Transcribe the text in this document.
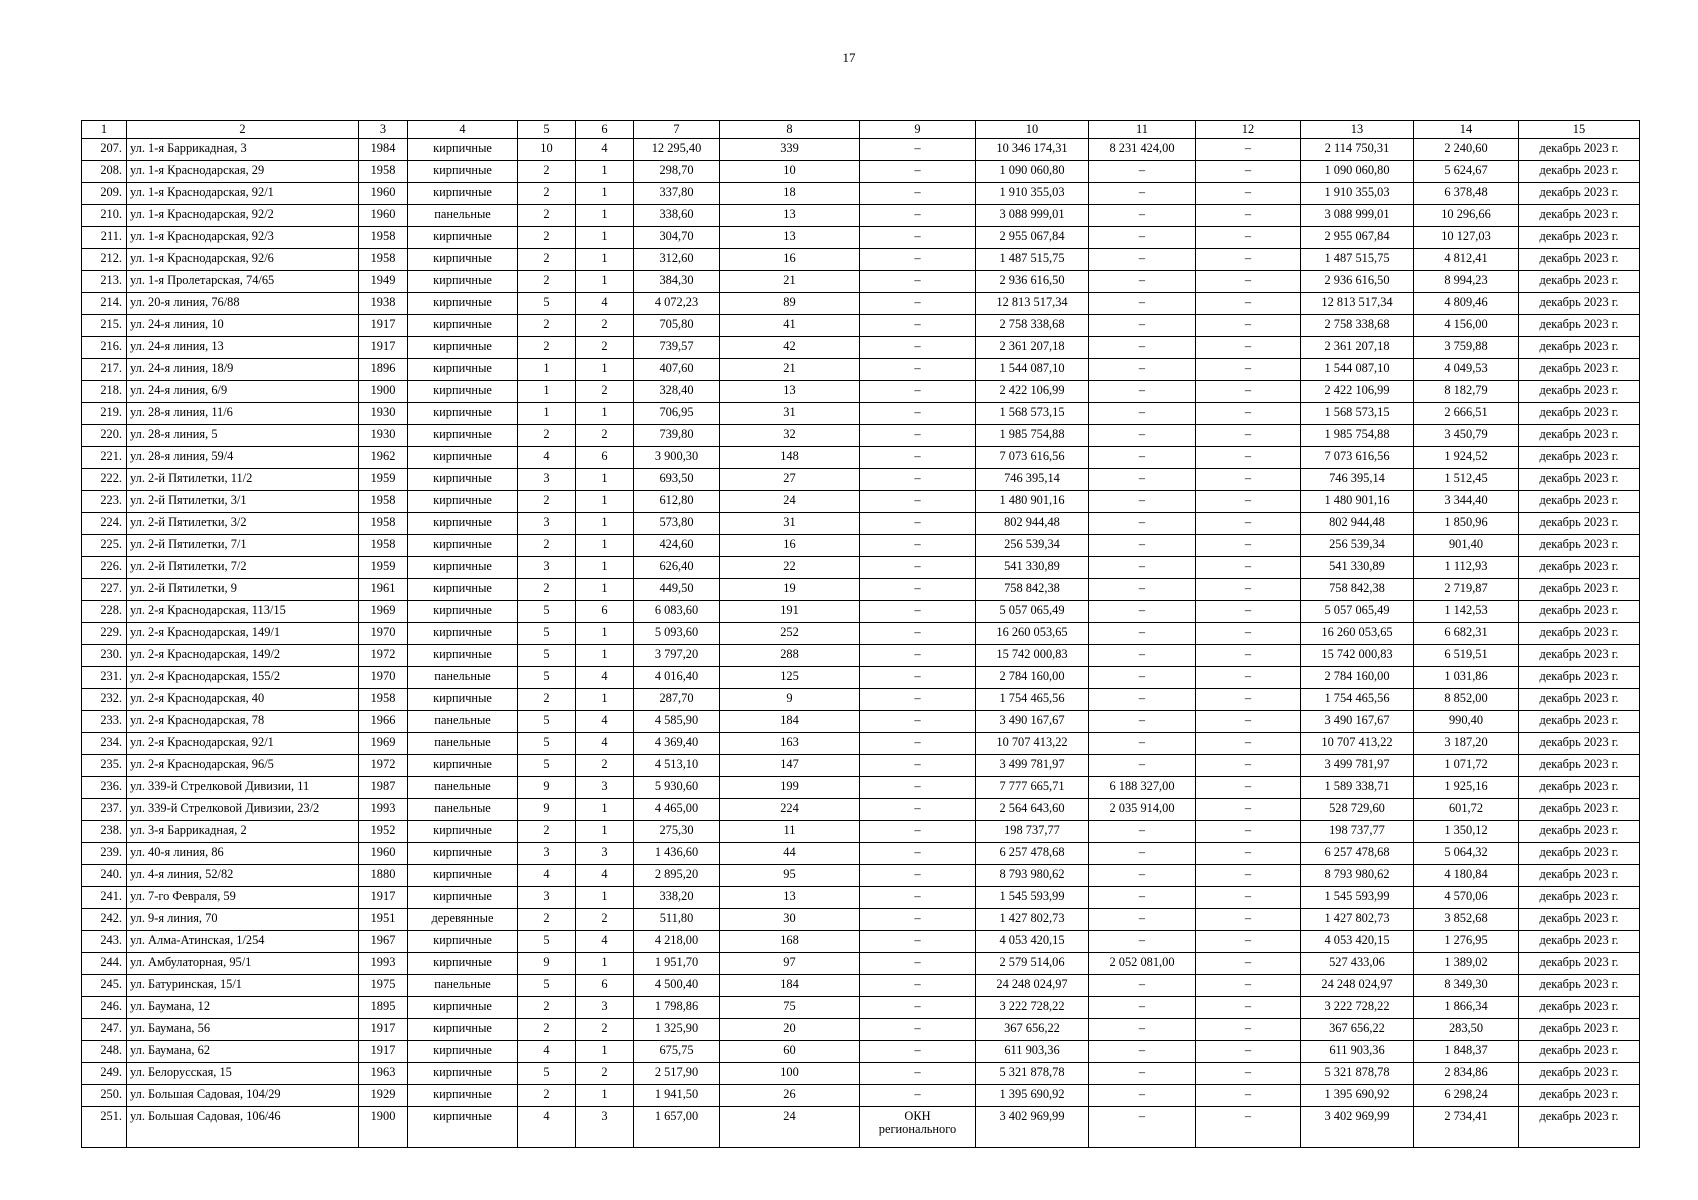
17
1	2	3	4	5	6	7	8	9	10	11	12	13	14	15
207.	ул. 1-я Баррикадная, 3	1984	кирпичные	10	4	12 295,40	339	–	10 346 174,31	8 231 424,00	–	2 114 750,31	2 240,60	декабрь 2023 г.
208.	ул. 1-я Краснодарская, 29	1958	кирпичные	2	1	298,70	10	–	1 090 060,80	–	–	1 090 060,80	5 624,67	декабрь 2023 г.
209.	ул. 1-я Краснодарская, 92/1	1960	кирпичные	2	1	337,80	18	–	1 910 355,03	–	–	1 910 355,03	6 378,48	декабрь 2023 г.
210.	ул. 1-я Краснодарская, 92/2	1960	панельные	2	1	338,60	13	–	3 088 999,01	–	–	3 088 999,01	10 296,66	декабрь 2023 г.
211.	ул. 1-я Краснодарская, 92/3	1958	кирпичные	2	1	304,70	13	–	2 955 067,84	–	–	2 955 067,84	10 127,03	декабрь 2023 г.
212.	ул. 1-я Краснодарская, 92/6	1958	кирпичные	2	1	312,60	16	–	1 487 515,75	–	–	1 487 515,75	4 812,41	декабрь 2023 г.
213.	ул. 1-я Пролетарская, 74/65	1949	кирпичные	2	1	384,30	21	–	2 936 616,50	–	–	2 936 616,50	8 994,23	декабрь 2023 г.
214.	ул. 20-я линия, 76/88	1938	кирпичные	5	4	4 072,23	89	–	12 813 517,34	–	–	12 813 517,34	4 809,46	декабрь 2023 г.
215.	ул. 24-я линия, 10	1917	кирпичные	2	2	705,80	41	–	2 758 338,68	–	–	2 758 338,68	4 156,00	декабрь 2023 г.
216.	ул. 24-я линия, 13	1917	кирпичные	2	2	739,57	42	–	2 361 207,18	–	–	2 361 207,18	3 759,88	декабрь 2023 г.
217.	ул. 24-я линия, 18/9	1896	кирпичные	1	1	407,60	21	–	1 544 087,10	–	–	1 544 087,10	4 049,53	декабрь 2023 г.
218.	ул. 24-я линия, 6/9	1900	кирпичные	1	2	328,40	13	–	2 422 106,99	–	–	2 422 106,99	8 182,79	декабрь 2023 г.
219.	ул. 28-я линия, 11/6	1930	кирпичные	1	1	706,95	31	–	1 568 573,15	–	–	1 568 573,15	2 666,51	декабрь 2023 г.
220.	ул. 28-я линия, 5	1930	кирпичные	2	2	739,80	32	–	1 985 754,88	–	–	1 985 754,88	3 450,79	декабрь 2023 г.
221.	ул. 28-я линия, 59/4	1962	кирпичные	4	6	3 900,30	148	–	7 073 616,56	–	–	7 073 616,56	1 924,52	декабрь 2023 г.
222.	ул. 2-й Пятилетки, 11/2	1959	кирпичные	3	1	693,50	27	–	746 395,14	–	–	746 395,14	1 512,45	декабрь 2023 г.
223.	ул. 2-й Пятилетки, 3/1	1958	кирпичные	2	1	612,80	24	–	1 480 901,16	–	–	1 480 901,16	3 344,40	декабрь 2023 г.
224.	ул. 2-й Пятилетки, 3/2	1958	кирпичные	3	1	573,80	31	–	802 944,48	–	–	802 944,48	1 850,96	декабрь 2023 г.
225.	ул. 2-й Пятилетки, 7/1	1958	кирпичные	2	1	424,60	16	–	256 539,34	–	–	256 539,34	901,40	декабрь 2023 г.
226.	ул. 2-й Пятилетки, 7/2	1959	кирпичные	3	1	626,40	22	–	541 330,89	–	–	541 330,89	1 112,93	декабрь 2023 г.
227.	ул. 2-й Пятилетки, 9	1961	кирпичные	2	1	449,50	19	–	758 842,38	–	–	758 842,38	2 719,87	декабрь 2023 г.
228.	ул. 2-я Краснодарская, 113/15	1969	кирпичные	5	6	6 083,60	191	–	5 057 065,49	–	–	5 057 065,49	1 142,53	декабрь 2023 г.
229.	ул. 2-я Краснодарская, 149/1	1970	кирпичные	5	1	5 093,60	252	–	16 260 053,65	–	–	16 260 053,65	6 682,31	декабрь 2023 г.
230.	ул. 2-я Краснодарская, 149/2	1972	кирпичные	5	1	3 797,20	288	–	15 742 000,83	–	–	15 742 000,83	6 519,51	декабрь 2023 г.
231.	ул. 2-я Краснодарская, 155/2	1970	панельные	5	4	4 016,40	125	–	2 784 160,00	–	–	2 784 160,00	1 031,86	декабрь 2023 г.
232.	ул. 2-я Краснодарская, 40	1958	кирпичные	2	1	287,70	9	–	1 754 465,56	–	–	1 754 465,56	8 852,00	декабрь 2023 г.
233.	ул. 2-я Краснодарская, 78	1966	панельные	5	4	4 585,90	184	–	3 490 167,67	–	–	3 490 167,67	990,40	декабрь 2023 г.
234.	ул. 2-я Краснодарская, 92/1	1969	панельные	5	4	4 369,40	163	–	10 707 413,22	–	–	10 707 413,22	3 187,20	декабрь 2023 г.
235.	ул. 2-я Краснодарская, 96/5	1972	кирпичные	5	2	4 513,10	147	–	3 499 781,97	–	–	3 499 781,97	1 071,72	декабрь 2023 г.
236.	ул. 339-й Стрелковой Дивизии, 11	1987	панельные	9	3	5 930,60	199	–	7 777 665,71	6 188 327,00	–	1 589 338,71	1 925,16	декабрь 2023 г.
237.	ул. 339-й Стрелковой Дивизии, 23/2	1993	панельные	9	1	4 465,00	224	–	2 564 643,60	2 035 914,00	–	528 729,60	601,72	декабрь 2023 г.
238.	ул. 3-я Баррикадная, 2	1952	кирпичные	2	1	275,30	11	–	198 737,77	–	–	198 737,77	1 350,12	декабрь 2023 г.
239.	ул. 40-я линия, 86	1960	кирпичные	3	3	1 436,60	44	–	6 257 478,68	–	–	6 257 478,68	5 064,32	декабрь 2023 г.
240.	ул. 4-я линия, 52/82	1880	кирпичные	4	4	2 895,20	95	–	8 793 980,62	–	–	8 793 980,62	4 180,84	декабрь 2023 г.
241.	ул. 7-го Февраля, 59	1917	кирпичные	3	1	338,20	13	–	1 545 593,99	–	–	1 545 593,99	4 570,06	декабрь 2023 г.
242.	ул. 9-я линия, 70	1951	деревянные	2	2	511,80	30	–	1 427 802,73	–	–	1 427 802,73	3 852,68	декабрь 2023 г.
243.	ул. Алма-Атинская, 1/254	1967	кирпичные	5	4	4 218,00	168	–	4 053 420,15	–	–	4 053 420,15	1 276,95	декабрь 2023 г.
244.	ул. Амбулаторная, 95/1	1993	кирпичные	9	1	1 951,70	97	–	2 579 514,06	2 052 081,00	–	527 433,06	1 389,02	декабрь 2023 г.
245.	ул. Батуринская, 15/1	1975	панельные	5	6	4 500,40	184	–	24 248 024,97	–	–	24 248 024,97	8 349,30	декабрь 2023 г.
246.	ул. Баумана, 12	1895	кирпичные	2	3	1 798,86	75	–	3 222 728,22	–	–	3 222 728,22	1 866,34	декабрь 2023 г.
247.	ул. Баумана, 56	1917	кирпичные	2	2	1 325,90	20	–	367 656,22	–	–	367 656,22	283,50	декабрь 2023 г.
248.	ул. Баумана, 62	1917	кирпичные	4	1	675,75	60	–	611 903,36	–	–	611 903,36	1 848,37	декабрь 2023 г.
249.	ул. Белорусская, 15	1963	кирпичные	5	2	2 517,90	100	–	5 321 878,78	–	–	5 321 878,78	2 834,86	декабрь 2023 г.
250.	ул. Большая Садовая, 104/29	1929	кирпичные	2	1	1 941,50	26	–	1 395 690,92	–	–	1 395 690,92	6 298,24	декабрь 2023 г.
251.	ул. Большая Садовая, 106/46	1900	кирпичные	4	3	1 657,00	24	ОКН
регионального	3 402 969,99	–	–	3 402 969,99	2 734,41	декабрь 2023 г.
